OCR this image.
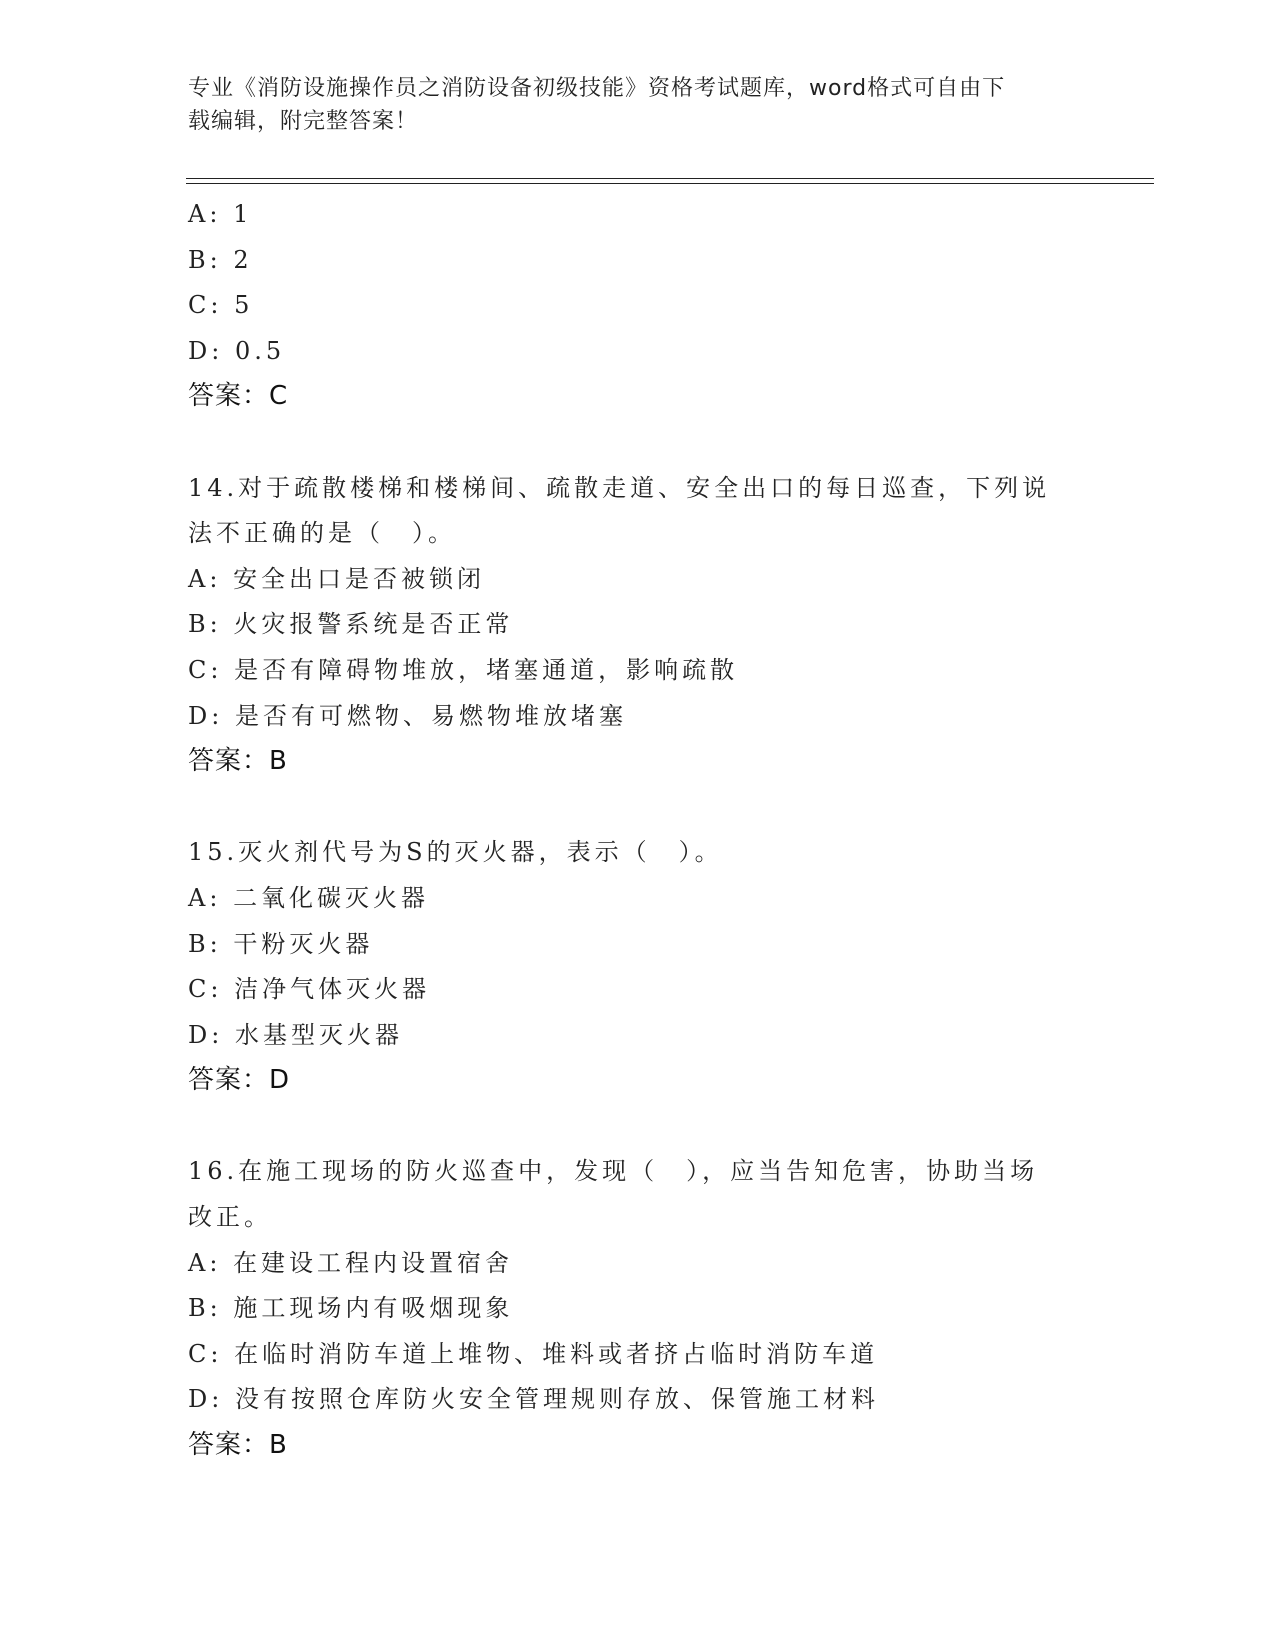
专业《消防设施操作员之消防设备初级技能》资格考试题库，word格式可自由下
载编辑，附完整答案！
A: 1
B: 2
C: 5
D: 0.5
答案：C
14.对于疏散楼梯和楼梯间、疏散走道、安全出口的每日巡查，下列说
法不正确的是（　）。
A: 安全出口是否被锁闭
B: 火灾报警系统是否正常
C: 是否有障碍物堆放，堵塞通道，影响疏散
D: 是否有可燃物、易燃物堆放堵塞
答案：B
15.灭火剂代号为S的灭火器，表示（　）。
A: 二氧化碳灭火器
B: 干粉灭火器
C: 洁净气体灭火器
D: 水基型灭火器
答案：D
16.在施工现场的防火巡查中，发现（　），应当告知危害，协助当场
改正。
A: 在建设工程内设置宿舍
B: 施工现场内有吸烟现象
C: 在临时消防车道上堆物、堆料或者挤占临时消防车道
D: 没有按照仓库防火安全管理规则存放、保管施工材料
答案：B
